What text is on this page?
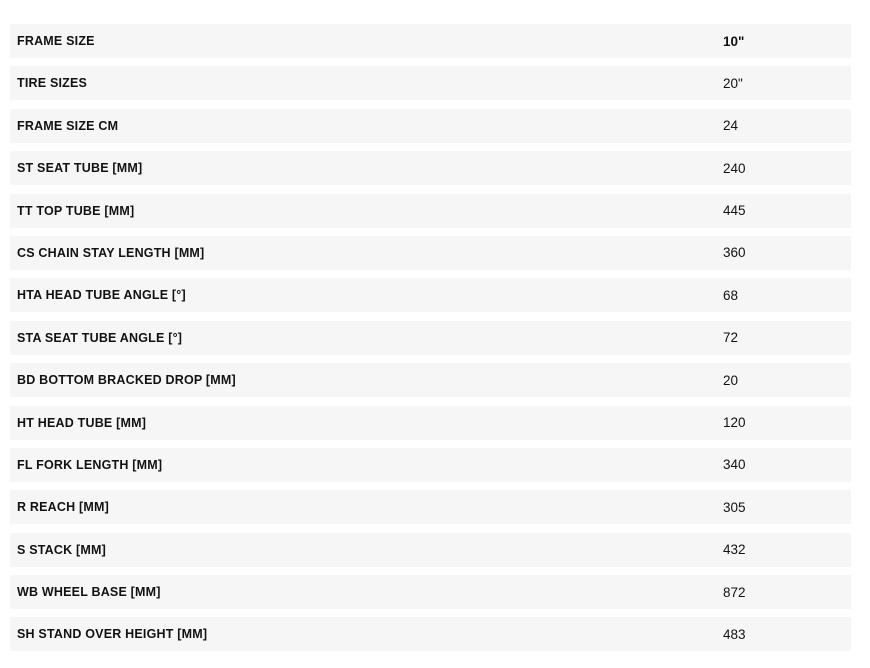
FRAME SIZE	10"
TIRE SIZES	20"
FRAME SIZE CM	24
ST SEAT TUBE [MM]	240
TT TOP TUBE [MM]	445
CS CHAIN STAY LENGTH [MM]	360
HTA HEAD TUBE ANGLE [°]	68
STA SEAT TUBE ANGLE [°]	72
BD BOTTOM BRACKED DROP [MM]	20
HT HEAD TUBE [MM]	120
FL FORK LENGTH [MM]	340
R REACH [MM]	305
S STACK [MM]	432
WB WHEEL BASE [MM]	872
SH STAND OVER HEIGHT [MM]	483
